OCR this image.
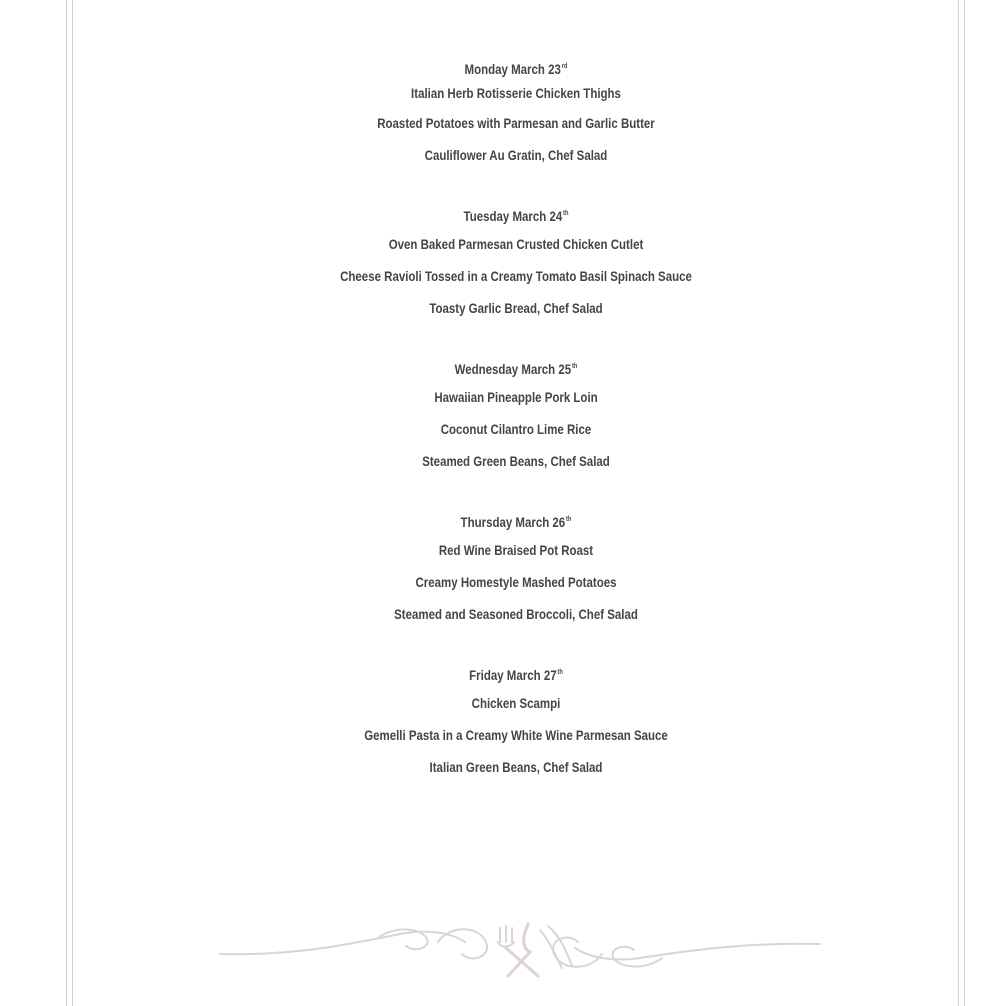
Monday March 23rd
Italian Herb Rotisserie Chicken Thighs
Roasted Potatoes with Parmesan and Garlic Butter
Cauliflower Au Gratin, Chef Salad
Tuesday March 24th
Oven Baked Parmesan Crusted Chicken Cutlet
Cheese Ravioli Tossed in a Creamy Tomato Basil Spinach Sauce
Toasty Garlic Bread, Chef Salad
Wednesday March 25th
Hawaiian Pineapple Pork Loin
Coconut Cilantro Lime Rice
Steamed Green Beans, Chef Salad
Thursday March 26th
Red Wine Braised Pot Roast
Creamy Homestyle Mashed Potatoes
Steamed and Seasoned Broccoli, Chef Salad
Friday March 27th
Chicken Scampi
Gemelli Pasta in a Creamy White Wine Parmesan Sauce
Italian Green Beans, Chef Salad
